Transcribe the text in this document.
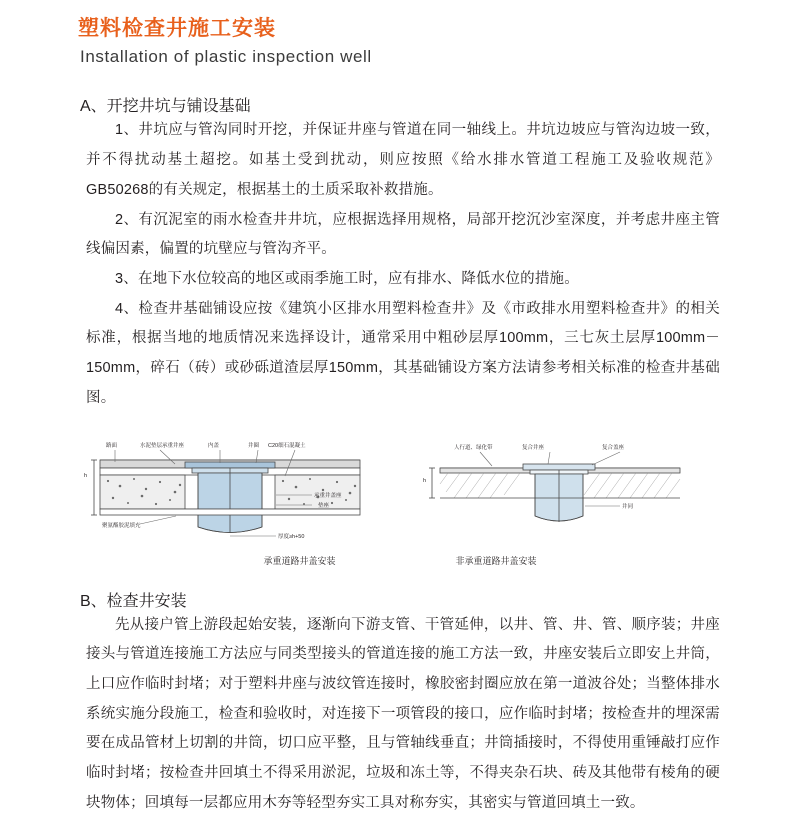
塑料检查井施工安装
Installation of plastic inspection well
A、开挖井坑与铺设基础

1、井坑应与管沟同时开挖，并保证井座与管道在同一轴线上。井坑边坡应与管沟边坡一致，并不得扰动基土超挖。如基土受到扰动，则应按照《给水排水管道工程施工及验收规范》GB50268的有关规定，根据基土的土质采取补救措施。

2、有沉泥室的雨水检查井井坑，应根据选择用规格，局部开挖沉沙室深度，并考虑井座主管线偏因素，偏置的坑壁应与管沟齐平。

3、在地下水位较高的地区或雨季施工时，应有排水、降低水位的措施。

4、检查井基础铺设应按《建筑小区排水用塑料检查井》及《市政排水用塑料检查井》的相关标准，根据当地的地质情况来选择设计，通常采用中粗砂层厚100mm，三七灰土层厚100mm－150mm，碎石（砖）或砂砾道渣层厚150mm，其基础铺设方案方法请参考相关标准的检查井基础图。

路面	水泥垫层承重井座	内盖	井圈 C20细石混凝土
承重井盖座
垫座
聚氨酯胶泥填充
厚度≥h+50
h
人行道、绿化带	复合井座	复合盖座
井同
h
承重道路井盖安装	非承重道路井盖安装
B、检查井安装

先从接户管上游段起始安装，逐渐向下游支管、干管延伸，以井、管、井、管、顺序装；井座接头与管道连接施工方法应与同类型接头的管道连接的施工方法一致，井座安装后立即安上井筒，上口应作临时封堵；对于塑料井座与波纹管连接时，橡胶密封圈应放在第一道波谷处；当整体排水系统实施分段施工，检查和验收时，对连接下一项管段的接口，应作临时封堵；按检查井的埋深需要在成品管材上切割的井筒，切口应平整，且与管轴线垂直；井筒插接时，不得使用重锤敲打应作临时封堵；按检查井回填土不得采用淤泥，垃圾和冻土等，不得夹杂石块、砖及其他带有棱角的硬块物体；回填每一层都应用木夯等轻型夯实工具对称夯实，其密实与管道回填土一致。
